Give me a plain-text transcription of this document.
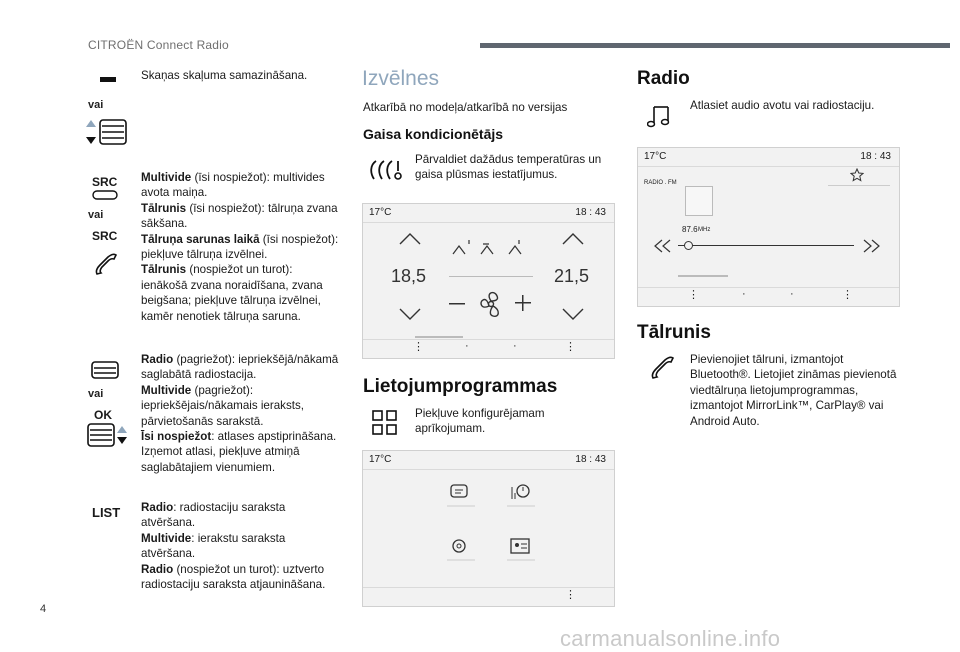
CITROËN Connect Radio
Skaņas skaļuma samazināšana.
vai
SRC
vai
SRC
Multivide (īsi nospiežot): multivides avota maiņa.
Tālrunis (īsi nospiežot): tālruņa zvana sākšana.
Tālruņa sarunas laikā (īsi nospiežot): piekļuve tālruņa izvēlnei.
Tālrunis (nospiežot un turot): ienākošā zvana noraidīšana, zvana beigšana; piekļuve tālruņa izvēlnei, kamēr nenotiek tālruņa saruna.
vai
OK
Radio (pagriežot): iepriekšējā/nākamā saglabātā radiostacija.
Multivide (pagriežot): iepriekšējais/nākamais ieraksts, pārvietošanās sarakstā.
Īsi nospiežot: atlases apstiprināšana. Izņemot atlasi, piekļuve atmiņā saglabātajiem vienumiem.
LIST Radio: radiostaciju saraksta atvēršana.
Multivide: ierakstu saraksta atvēršana.
Radio (nospiežot un turot): uztverto radiostaciju saraksta atjaunināšana.
Izvēlnes
Atkarībā no modeļa/atkarībā no versijas
Gaisa kondicionētājs
Pārvaldiet dažādus temperatūras un gaisa plūsmas iestatījumus.
17°C	18 : 43
18,5	21,5
⋮	·	·	⋮
Lietojumprogrammas
Piekļuve konfigurējamam aprīkojumam.
17°C	18 : 43
⋮
Radio
Atlasiet audio avotu vai radiostaciju.
17°C	18 : 43
RADIO . FM
87.6 MHz
⋮	·	·	⋮
Tālrunis
Pievienojiet tālruni, izmantojot Bluetooth®. Lietojiet zināmas pievienotā viedtālruņa lietojumprogrammas, izmantojot MirrorLink™, CarPlay® vai Android Auto.
4
carmanualsonline.info
